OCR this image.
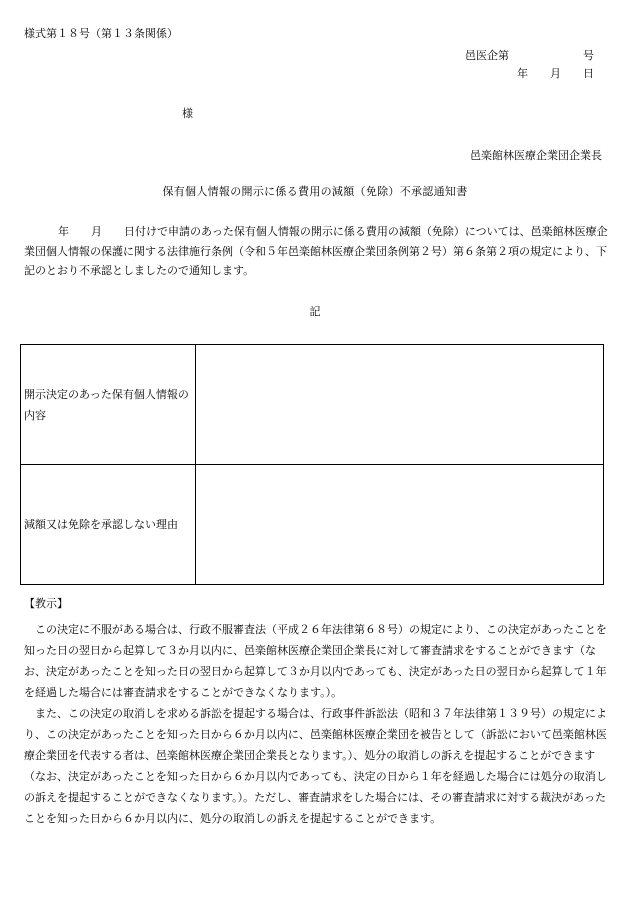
様式第１８号（第１３条関係）
邑医企第	号
年 月 日
様
邑楽館林医療企業団企業長
保有個人情報の開示に係る費用の減額（免除）不承認通知書
年　　月　　日付けで申請のあった保有個人情報の開示に係る費用の減額（免除）については、邑楽館林医療企業団個人情報の保護に関する法律施行条例（令和５年邑楽館林医療企業団条例第２号）第６条第２項の規定により、下記のとおり不承認としましたので通知します。
記
開示決定のあった保有個人情報の内容	
減額又は免除を承認しない理由	
【教示】
この決定に不服がある場合は、行政不服審査法（平成２６年法律第６８号）の規定により、この決定があったことを知った日の翌日から起算して３か月以内に、邑楽館林医療企業団企業長に対して審査請求をすることができます（なお、決定があったことを知った日の翌日から起算して３か月以内であっても、決定があった日の翌日から起算して１年を経過した場合には審査請求をすることができなくなります。）。
また、この決定の取消しを求める訴訟を提起する場合は、行政事件訴訟法（昭和３７年法律第１３９号）の規定により、この決定があったことを知った日から６か月以内に、邑楽館林医療企業団を被告として（訴訟において邑楽館林医療企業団を代表する者は、邑楽館林医療企業団企業長となります。）、処分の取消しの訴えを提起することができます（なお、決定があったことを知った日から６か月以内であっても、決定の日から１年を経過した場合には処分の取消しの訴えを提起することができなくなります。）。ただし、審査請求をした場合には、その審査請求に対する裁決があったことを知った日から６か月以内に、処分の取消しの訴えを提起することができます。
